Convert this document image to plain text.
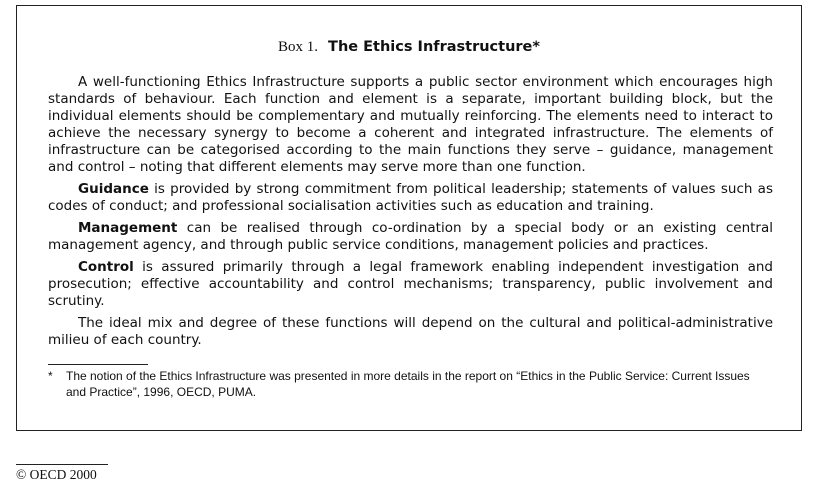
Box 1. The Ethics Infrastructure*

A well-functioning Ethics Infrastructure supports a public sector environment which encourages high standards of behaviour. Each function and element is a separate, important building block, but the individual elements should be complementary and mutually reinforcing. The elements need to interact to achieve the necessary synergy to become a coherent and integrated infrastructure. The elements of infrastructure can be categorised according to the main functions they serve – guidance, management and control – noting that different elements may serve more than one function.

Guidance is provided by strong commitment from political leadership; statements of values such as codes of conduct; and professional socialisation activities such as education and training.

Management can be realised through co-ordination by a special body or an existing central management agency, and through public service conditions, management policies and practices.

Control is assured primarily through a legal framework enabling independent investigation and prosecution; effective accountability and control mechanisms; transparency, public involvement and scrutiny.

The ideal mix and degree of these functions will depend on the cultural and political-administrative milieu of each country.

*	The notion of the Ethics Infrastructure was presented in more details in the report on “Ethics in the Public Service: Current Issues and Practice”, 1996, OECD, PUMA.
© OECD 2000
